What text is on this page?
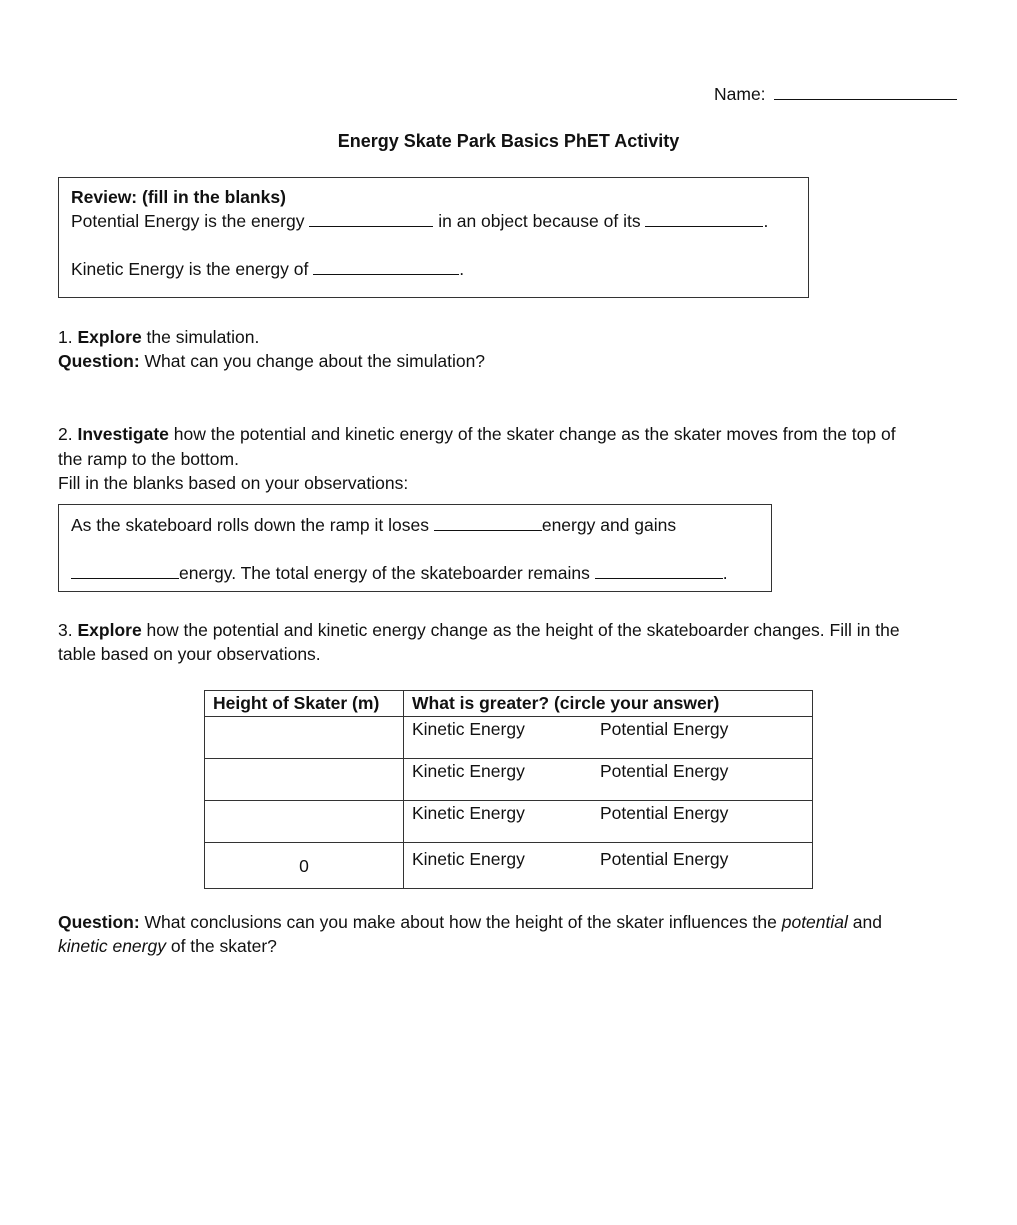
Name:
Energy Skate Park Basics PhET Activity
Review: (fill in the blanks)
Potential Energy is the energy	in an object because of its	.
Kinetic Energy is the energy of	.
1. Explore the simulation.
Question: What can you change about the simulation?
2. Investigate how the potential and kinetic energy of the skater change as the skater moves from the top of
the ramp to the bottom.
Fill in the blanks based on your observations:
As the skateboard rolls down the ramp it loses	energy and gains
energy. The total energy of the skateboarder remains	.
3. Explore how the potential and kinetic energy change as the height of the skateboarder changes. Fill in the
table based on your observations.
Height of Skater (m)	What is greater? (circle your answer)
	Kinetic Energy Potential Energy
	Kinetic Energy Potential Energy
	Kinetic Energy Potential Energy
0	Kinetic Energy Potential Energy
Question: What conclusions can you make about how the height of the skater influences the potential and
kinetic energy of the skater?
